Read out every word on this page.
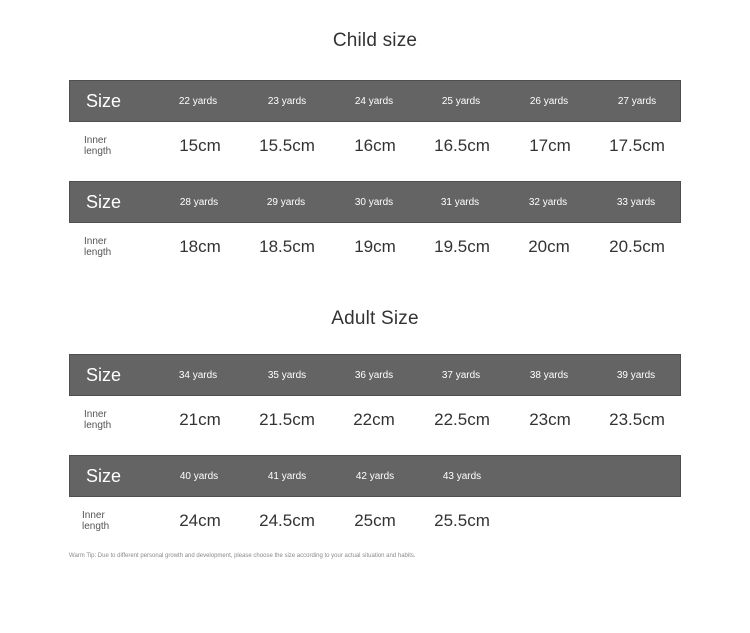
Child size
Size	22 yards	23 yards	24 yards	25 yards	26 yards	27 yards
Inner length	15cm 15.5cm 16cm 16.5cm 17cm 17.5cm
Size	28 yards	29 yards	30 yards	31 yards	32 yards	33 yards
Inner length	18cm 18.5cm 19cm 19.5cm 20cm 20.5cm
Adult Size
Size	34 yards	35 yards	36 yards	37 yards	38 yards	39 yards
Inner length	21cm 21.5cm 22cm 22.5cm 23cm 23.5cm
Size	40 yards	41 yards	42 yards	43 yards
Inner length	24cm 24.5cm 25cm 25.5cm
Warm Tip: Due to different personal growth and development, please choose the size according to your actual situation and habits.
